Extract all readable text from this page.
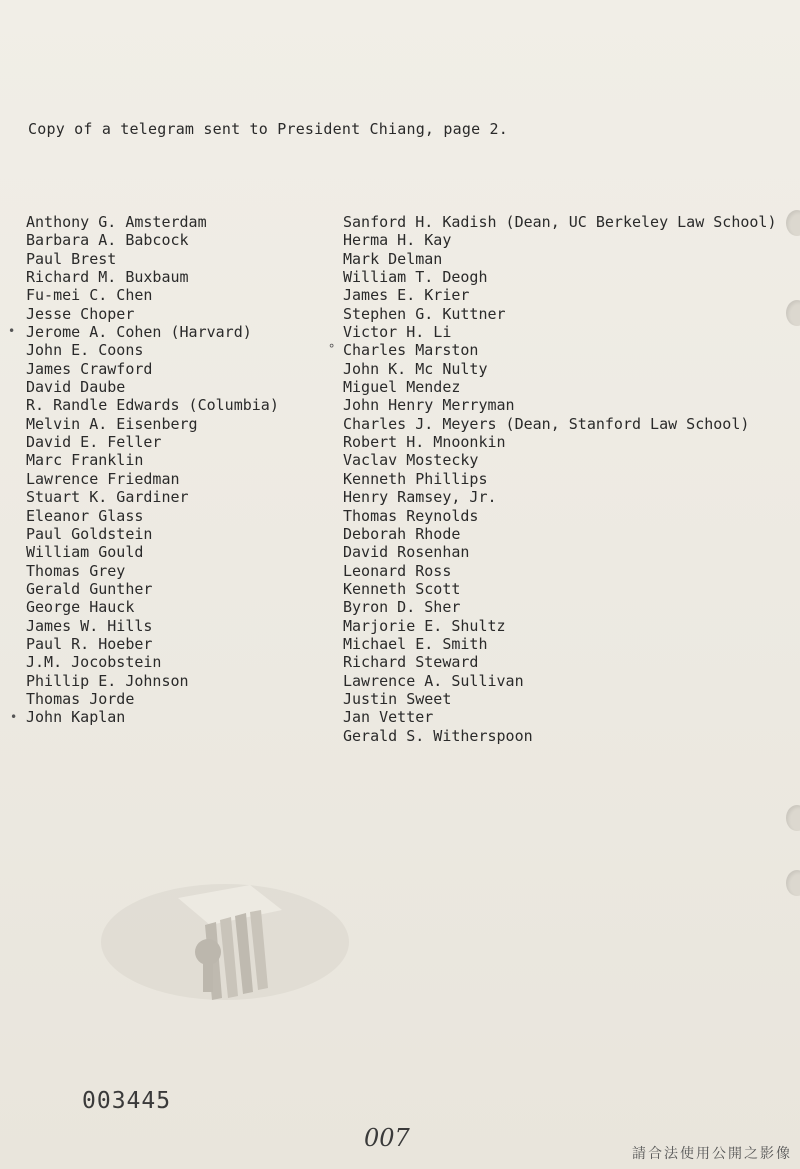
Copy of a telegram sent to President Chiang, page 2.
Anthony G. Amsterdam
Barbara A. Babcock
Paul Brest
Richard M. Buxbaum
Fu-mei C. Chen
Jesse Choper
Jerome A. Cohen (Harvard)
John E. Coons
James Crawford
David Daube
R. Randle Edwards (Columbia)
Melvin A. Eisenberg
David E. Feller
Marc Franklin
Lawrence Friedman
Stuart K. Gardiner
Eleanor Glass
Paul Goldstein
William Gould
Thomas Grey
Gerald Gunther
George Hauck
James W. Hills
Paul R. Hoeber
J.M. Jocobstein
Phillip E. Johnson
Thomas Jorde
John Kaplan
Sanford H. Kadish (Dean, UC Berkeley Law School)
Herma H. Kay
Mark Delman
William T. Deogh
James E. Krier
Stephen G. Kuttner
Victor H. Li
Charles Marston
John K. Mc Nulty
Miguel Mendez
John Henry Merryman
Charles J. Meyers (Dean, Stanford Law School)
Robert H. Mnoonkin
Vaclav Mostecky
Kenneth Phillips
Henry Ramsey, Jr.
Thomas Reynolds
Deborah Rhode
David Rosenhan
Leonard Ross
Kenneth Scott
Byron D. Sher
Marjorie E. Shultz
Michael E. Smith
Richard Steward
Lawrence A. Sullivan
Justin Sweet
Jan Vetter
Gerald S. Witherspoon
•
•
°
003445
007
請合法使用公開之影像
